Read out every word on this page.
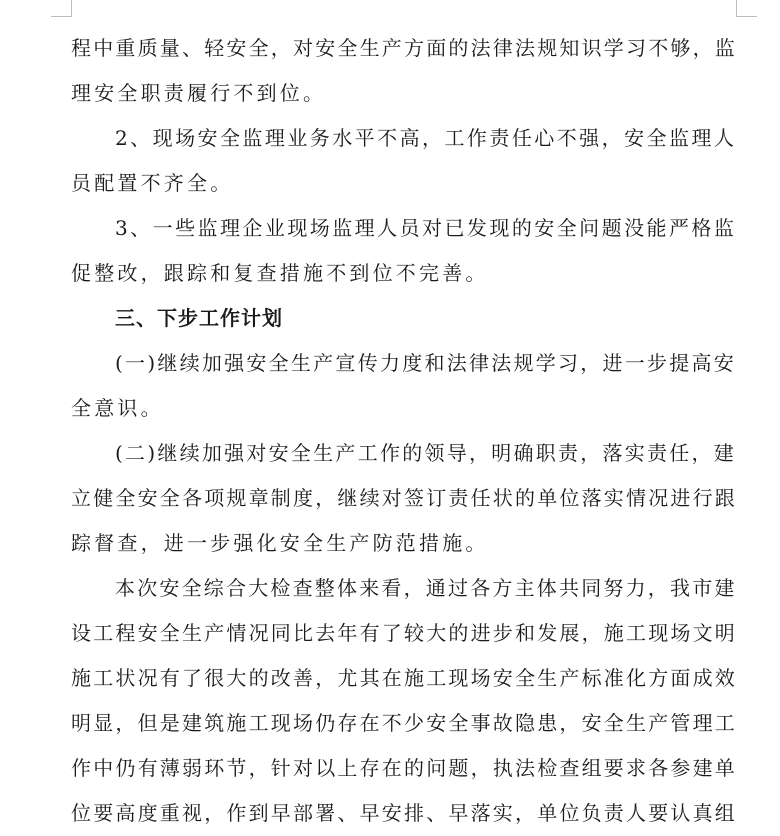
程中重质量、轻安全，对安全生产方面的法律法规知识学习不够，监
理安全职责履行不到位。
2、现场安全监理业务水平不高，工作责任心不强，安全监理人
员配置不齐全。
3、一些监理企业现场监理人员对已发现的安全问题没能严格监
促整改，跟踪和复查措施不到位不完善。
三、下步工作计划
(一)继续加强安全生产宣传力度和法律法规学习，进一步提高安
全意识。
(二)继续加强对安全生产工作的领导，明确职责，落实责任，建
立健全安全各项规章制度，继续对签订责任状的单位落实情况进行跟
踪督查，进一步强化安全生产防范措施。
本次安全综合大检查整体来看，通过各方主体共同努力，我市建
设工程安全生产情况同比去年有了较大的进步和发展，施工现场文明
施工状况有了很大的改善，尤其在施工现场安全生产标准化方面成效
明显，但是建筑施工现场仍存在不少安全事故隐患，安全生产管理工
作中仍有薄弱环节，针对以上存在的问题，执法检查组要求各参建单
位要高度重视，作到早部署、早安排、早落实，单位负责人要认真组
